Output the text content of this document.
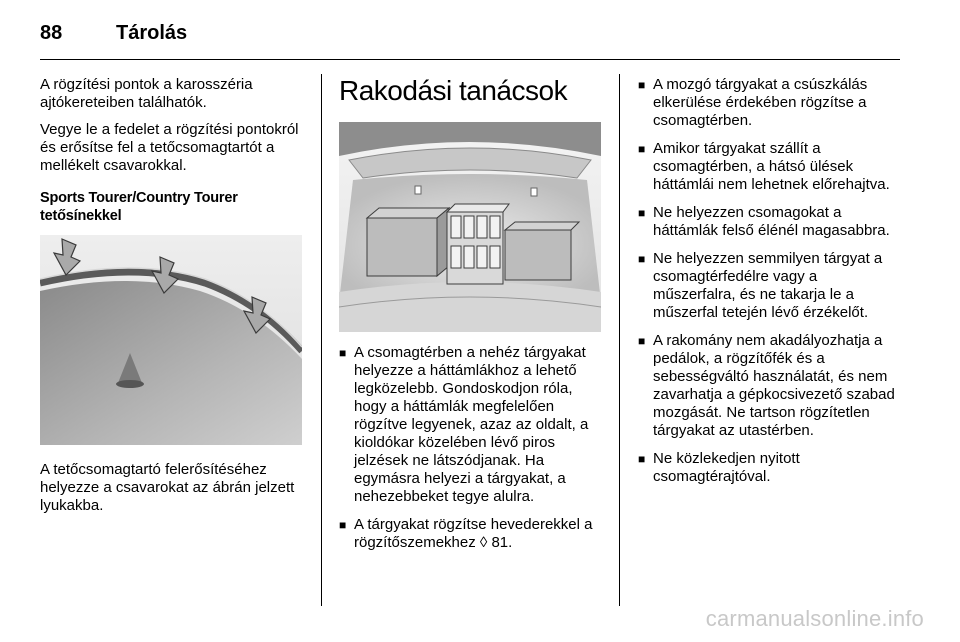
88	Tárolás

A rögzítési pontok a karosszéria ajtókereteiben találhatók.

Vegye le a fedelet a rögzítési pontokról és erősítse fel a tetőcsomagtartót a mellékelt csavarokkal.

Sports Tourer/Country Tourer tetősínekkel

A tetőcsomagtartó felerősítéséhez helyezze a csavarokat az ábrán jelzett lyukakba.

Rakodási tanácsok
■ A csomagtérben a nehéz tárgyakat helyezze a háttámlákhoz a lehető legközelebb. Gondoskodjon róla, hogy a háttámlák megfelelően rögzítve legyenek, azaz az oldalt, a kioldókar közelében lévő piros jelzések ne látszódjanak. Ha egymásra helyezi a tárgyakat, a nehezebbeket tegye alulra.
■ A tárgyakat rögzítse hevederekkel a rögzítőszemekhez ◊ 81.
■ A mozgó tárgyakat a csúszkálás elkerülése érdekében rögzítse a csomagtérben.
■ Amikor tárgyakat szállít a csomagtérben, a hátsó ülések háttámlái nem lehetnek előrehajtva.
■ Ne helyezzen csomagokat a háttámlák felső élénél magasabbra.
■ Ne helyezzen semmilyen tárgyat a csomagtérfedélre vagy a műszerfalra, és ne takarja le a műszerfal tetején lévő érzékelőt.
■ A rakomány nem akadályozhatja a pedálok, a rögzítőfék és a sebességváltó használatát, és nem zavarhatja a gépkocsivezető szabad mozgását. Ne tartson rögzítetlen tárgyakat az utastérben.
■ Ne közlekedjen nyitott csomagtérajtóval.
carmanualsonline.info
